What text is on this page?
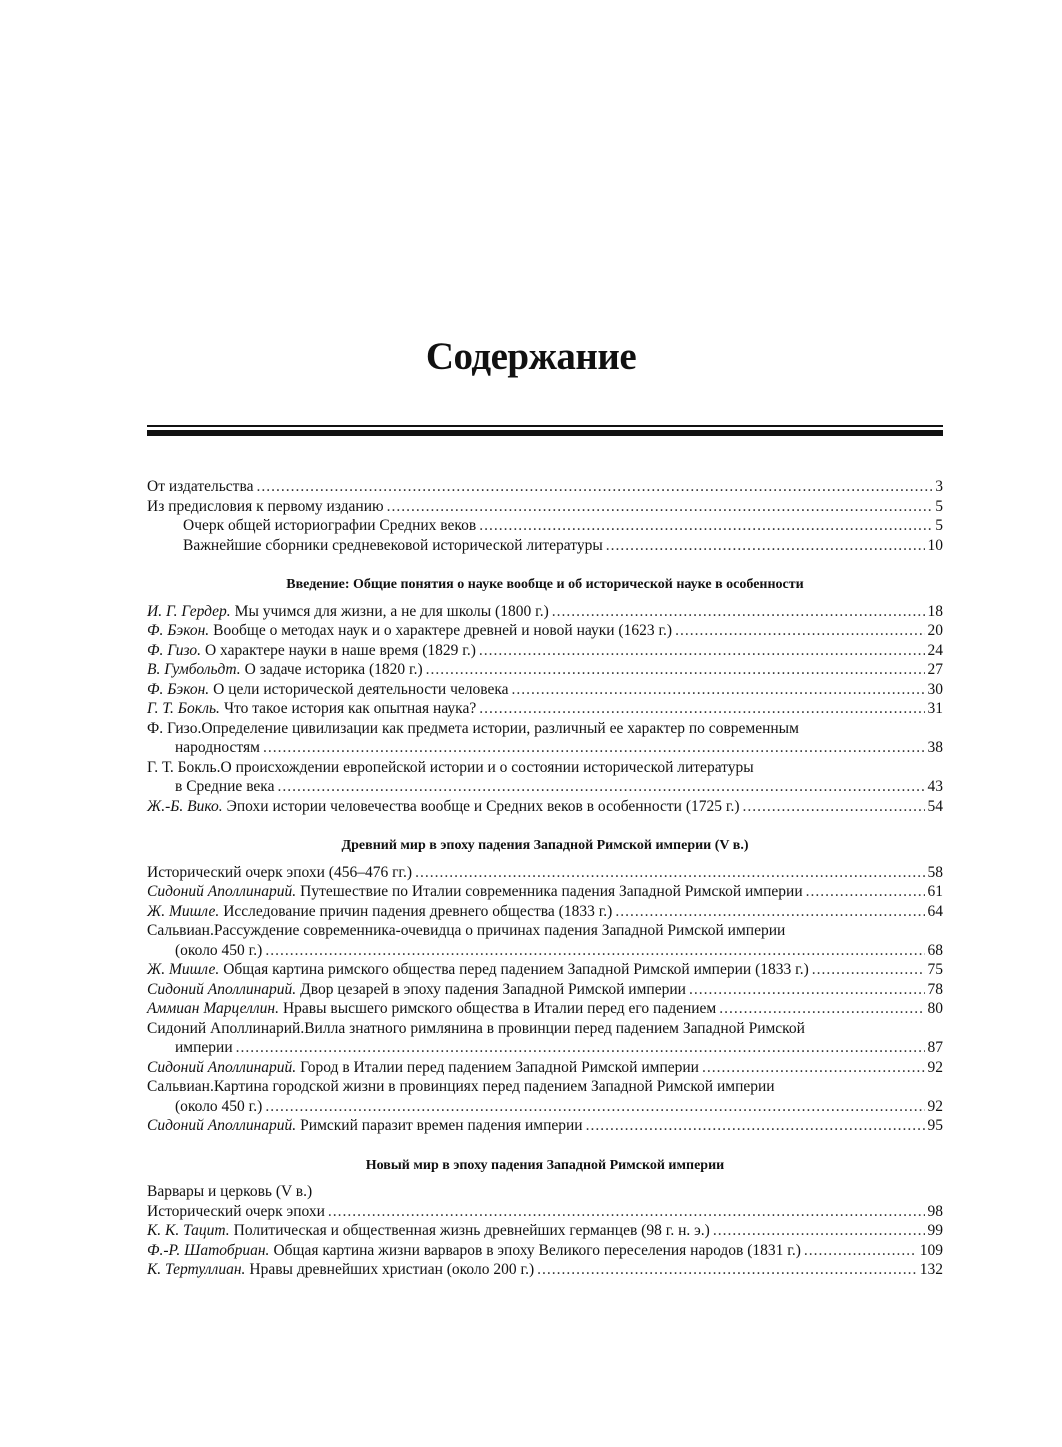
Содержание
От издательства .....	3
Из предисловия к первому изданию .....	5
Очерк общей историографии Средних веков .....	5
Важнейшие сборники средневековой исторической литературы .....	10
Введение: Общие понятия о науке вообще и об исторической науке в особенности
И. Г. Гердер. Мы учимся для жизни, а не для школы (1800 г.) .....	18
Ф. Бэкон. Вообще о методах наук и о характере древней и новой науки (1623 г.) .....	20
Ф. Гизо. О характере науки в наше время (1829 г.) .....	24
В. Гумбольдт. О задаче историка (1820 г.) .....	27
Ф. Бэкон. О цели исторической деятельности человека .....	30
Г. Т. Бокль. Что такое история как опытная наука? .....	31
Ф. Гизо.Определение цивилизации как предмета истории, различный ее характер по современным
народностям .....	38
Г. Т. Бокль.О происхождении европейской истории и о состоянии исторической литературы
в Средние века .....	43
Ж.-Б. Вико. Эпохи истории человечества вообще и Средних веков в особенности (1725 г.) .....	54
Древний мир в эпоху падения Западной Римской империи (V в.)
Исторический очерк эпохи (456–476 гг.) .....	58
Сидоний Аполлинарий. Путешествие по Италии современника падения Западной Римской империи .....	61
Ж. Мишле. Исследование причин падения древнего общества (1833 г.) .....	64
Сальвиан.Рассуждение современника-очевидца о причинах падения Западной Римской империи
(около 450 г.) .....	68
Ж. Мишле. Общая картина римского общества перед падением Западной Римской империи (1833 г.) .....	75
Сидоний Аполлинарий. Двор цезарей в эпоху падения Западной Римской империи .....	78
Аммиан Марцеллин. Нравы высшего римского общества в Италии перед его падением .....	80
Сидоний Аполлинарий.Вилла знатного римлянина в провинции перед падением Западной Римской
империи .....	87
Сидоний Аполлинарий. Город в Италии перед падением Западной Римской империи .....	92
Сальвиан.Картина городской жизни в провинциях перед падением Западной Римской империи
(около 450 г.) .....	92
Сидоний Аполлинарий. Римский паразит времен падения империи .....	95
Новый мир в эпоху падения Западной Римской империи
Варвары и церковь (V в.)
Исторический очерк эпохи .....	98
К. К. Тацит. Политическая и общественная жизнь древнейших германцев (98 г. н. э.) .....	99
Ф.-Р. Шатобриан. Общая картина жизни варваров в эпоху Великого переселения народов (1831 г.) .....	109
К. Тертуллиан. Нравы древнейших христиан (около 200 г.) .....	132
